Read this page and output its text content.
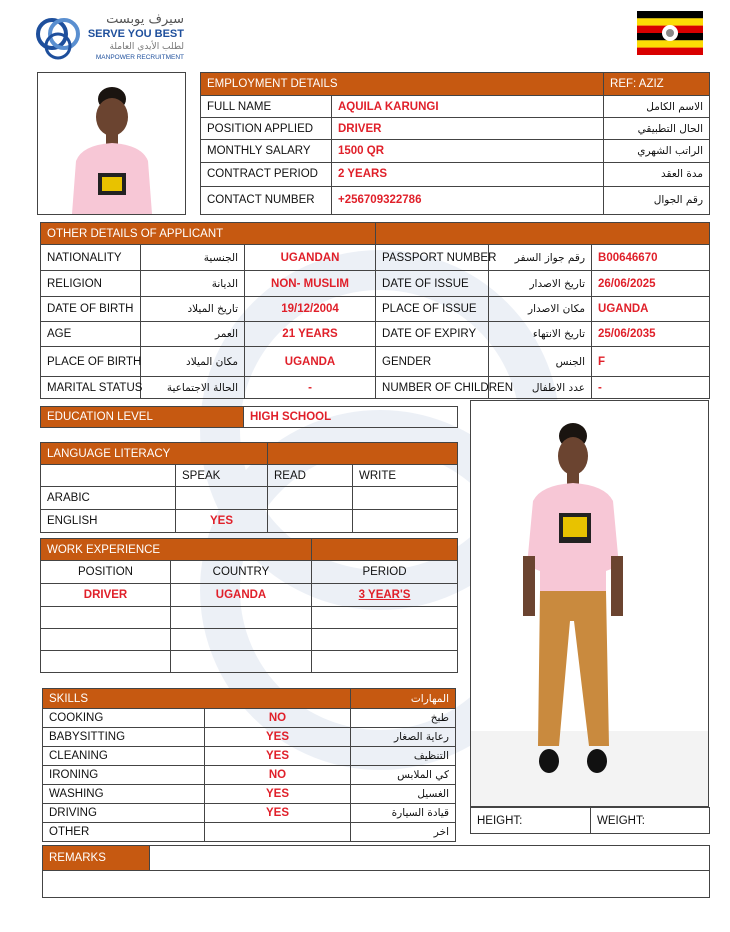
سيرف يوبست
SERVE YOU BEST
لطلب الأيدي العاملة
MANPOWER RECRUITMENT
EMPLOYMENT DETAILS		REF: AZIZ
FULL NAME	AQUILA KARUNGI	الاسم الكامل
POSITION APPLIED	DRIVER	الحال التطبيقي
MONTHLY SALARY	1500 QR	الراتب الشهري
CONTRACT PERIOD	2 YEARS	مدة العقد
CONTACT NUMBER	+256709322786	رقم الجوال
OTHER DETAILS OF APPLICANT					
NATIONALITY	الجنسية	UGANDAN	PASSPORT NUMBER	رقم جواز السفر	B00646670
RELIGION	الديانة	NON- MUSLIM	DATE OF ISSUE	تاريخ الاصدار	26/06/2025
DATE OF BIRTH	تاريخ الميلاد	19/12/2004	PLACE OF ISSUE	مكان الاصدار	UGANDA
AGE	العمر	21 YEARS	DATE OF EXPIRY	تاريخ الانتهاء	25/06/2035
PLACE OF BIRTH	مكان الميلاد	UGANDA	GENDER	الجنس	F
MARITAL STATUS	الحالة الاجتماعية	-	NUMBER OF CHILDREN	عدد الاطفال	-
EDUCATION LEVEL	HIGH SCHOOL
LANGUAGE LITERACY			
	SPEAK	READ	WRITE
ARABIC			
ENGLISH	YES		
WORK EXPERIENCE		
POSITION	COUNTRY	PERIOD
DRIVER	UGANDA	3 YEAR'S

SKILLS		المهارات
COOKING	NO	طبخ
BABYSITTING	YES	رعاية الصغار
CLEANING	YES	التنظيف
IRONING	NO	كي الملابس
WASHING	YES	الغسيل
DRIVING	YES	قيادة السيارة
OTHER		اخر
HEIGHT:	WEIGHT:
REMARKS	
